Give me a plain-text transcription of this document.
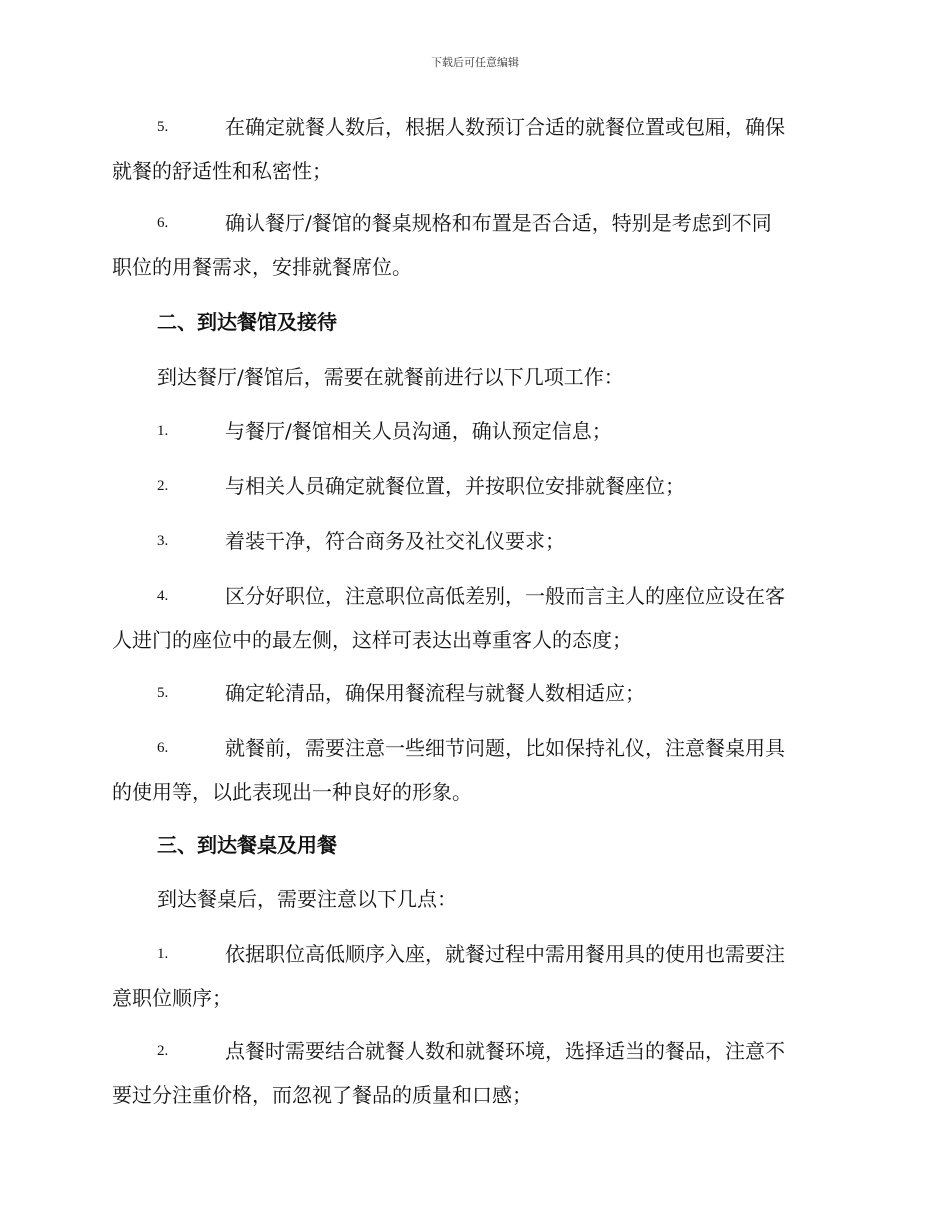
下载后可任意编辑
5.	在确定就餐人数后，根据人数预订合适的就餐位置或包厢，确保
就餐的舒适性和私密性；
6.	确认餐厅/餐馆的餐桌规格和布置是否合适，特别是考虑到不同
职位的用餐需求，安排就餐席位。
二、到达餐馆及接待
到达餐厅/餐馆后，需要在就餐前进行以下几项工作：
1.	与餐厅/餐馆相关人员沟通，确认预定信息；
2.	与相关人员确定就餐位置，并按职位安排就餐座位；
3.	着装干净，符合商务及社交礼仪要求；
4.	区分好职位，注意职位高低差别，一般而言主人的座位应设在客
人进门的座位中的最左侧，这样可表达出尊重客人的态度；
5.	确定轮清品，确保用餐流程与就餐人数相适应；
6.	就餐前，需要注意一些细节问题，比如保持礼仪，注意餐桌用具
的使用等，以此表现出一种良好的形象。
三、到达餐桌及用餐
到达餐桌后，需要注意以下几点：
1.	依据职位高低顺序入座，就餐过程中需用餐用具的使用也需要注
意职位顺序；
2.	点餐时需要结合就餐人数和就餐环境，选择适当的餐品，注意不
要过分注重价格，而忽视了餐品的质量和口感；
